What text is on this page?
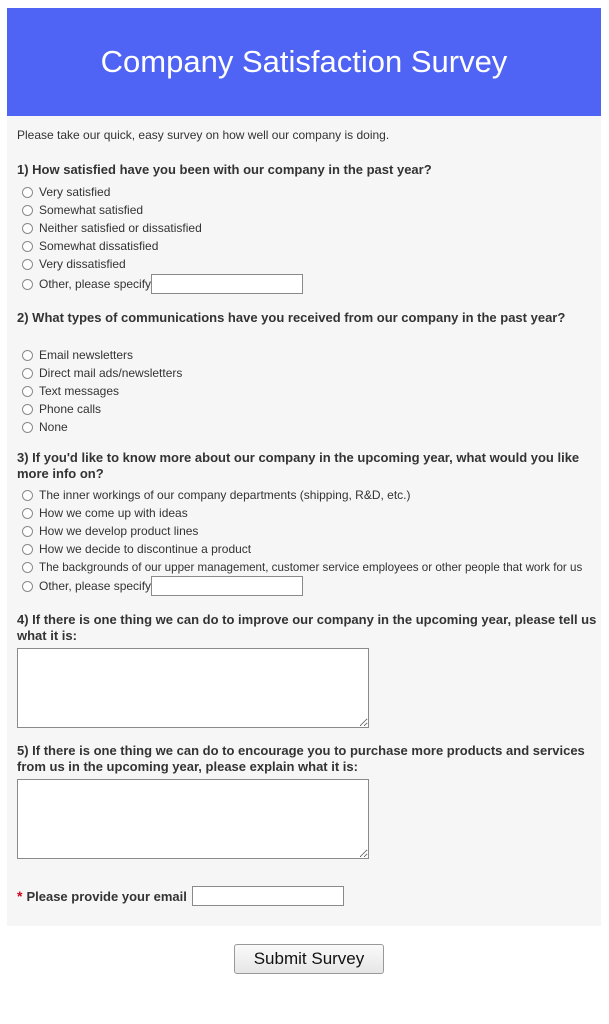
Company Satisfaction Survey
Please take our quick, easy survey on how well our company is doing.
1) How satisfied have you been with our company in the past year?
Very satisfied
Somewhat satisfied
Neither satisfied or dissatisfied
Somewhat dissatisfied
Very dissatisfied
Other, please specify
2) What types of communications have you received from our company in the past year?
Email newsletters
Direct mail ads/newsletters
Text messages
Phone calls
None
3) If you'd like to know more about our company in the upcoming year, what would you like more info on?
The inner workings of our company departments (shipping, R&D, etc.)
How we come up with ideas
How we develop product lines
How we decide to discontinue a product
The backgrounds of our upper management, customer service employees or other people that work for us
Other, please specify
4) If there is one thing we can do to improve our company in the upcoming year, please tell us what it is:
5) If there is one thing we can do to encourage you to purchase more products and services from us in the upcoming year, please explain what it is:
* Please provide your email
Submit Survey
